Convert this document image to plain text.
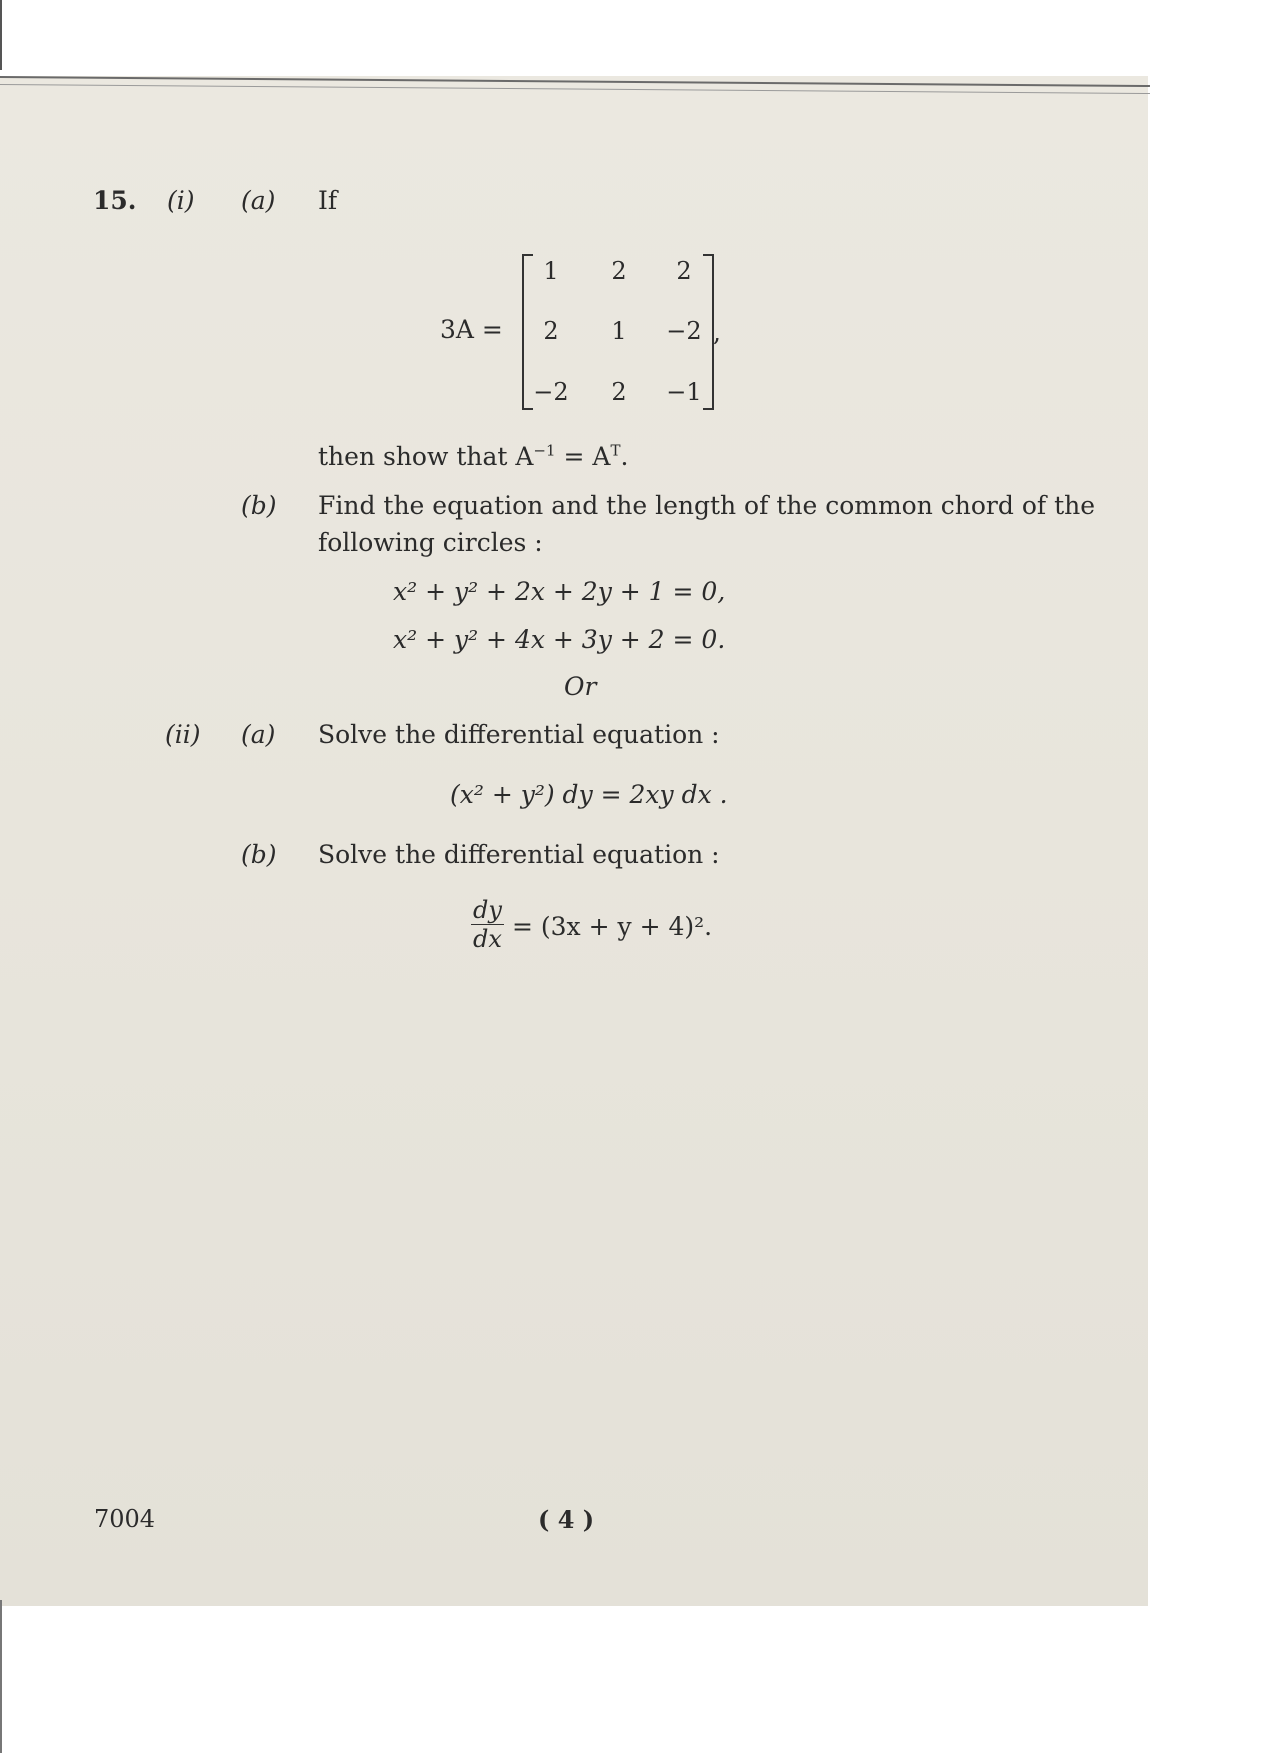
15. (i) (a) If
3A =
1	2	2
2	1	−2
−2	2	−1
,
then show that $A^{-1} = A^T$.
(b) Find the equation and the length of the common chord of the
following circles :
x² + y² + 2x + 2y + 1 = 0,
x² + y² + 4x + 3y + 2 = 0.
Or
(ii) (a) Solve the differential equation :
(x² + y²) dy = 2xy dx .
(b) Solve the differential equation :
$\frac{dy}{dx} = (3x + y + 4)^2$.
7004	( 4 )
